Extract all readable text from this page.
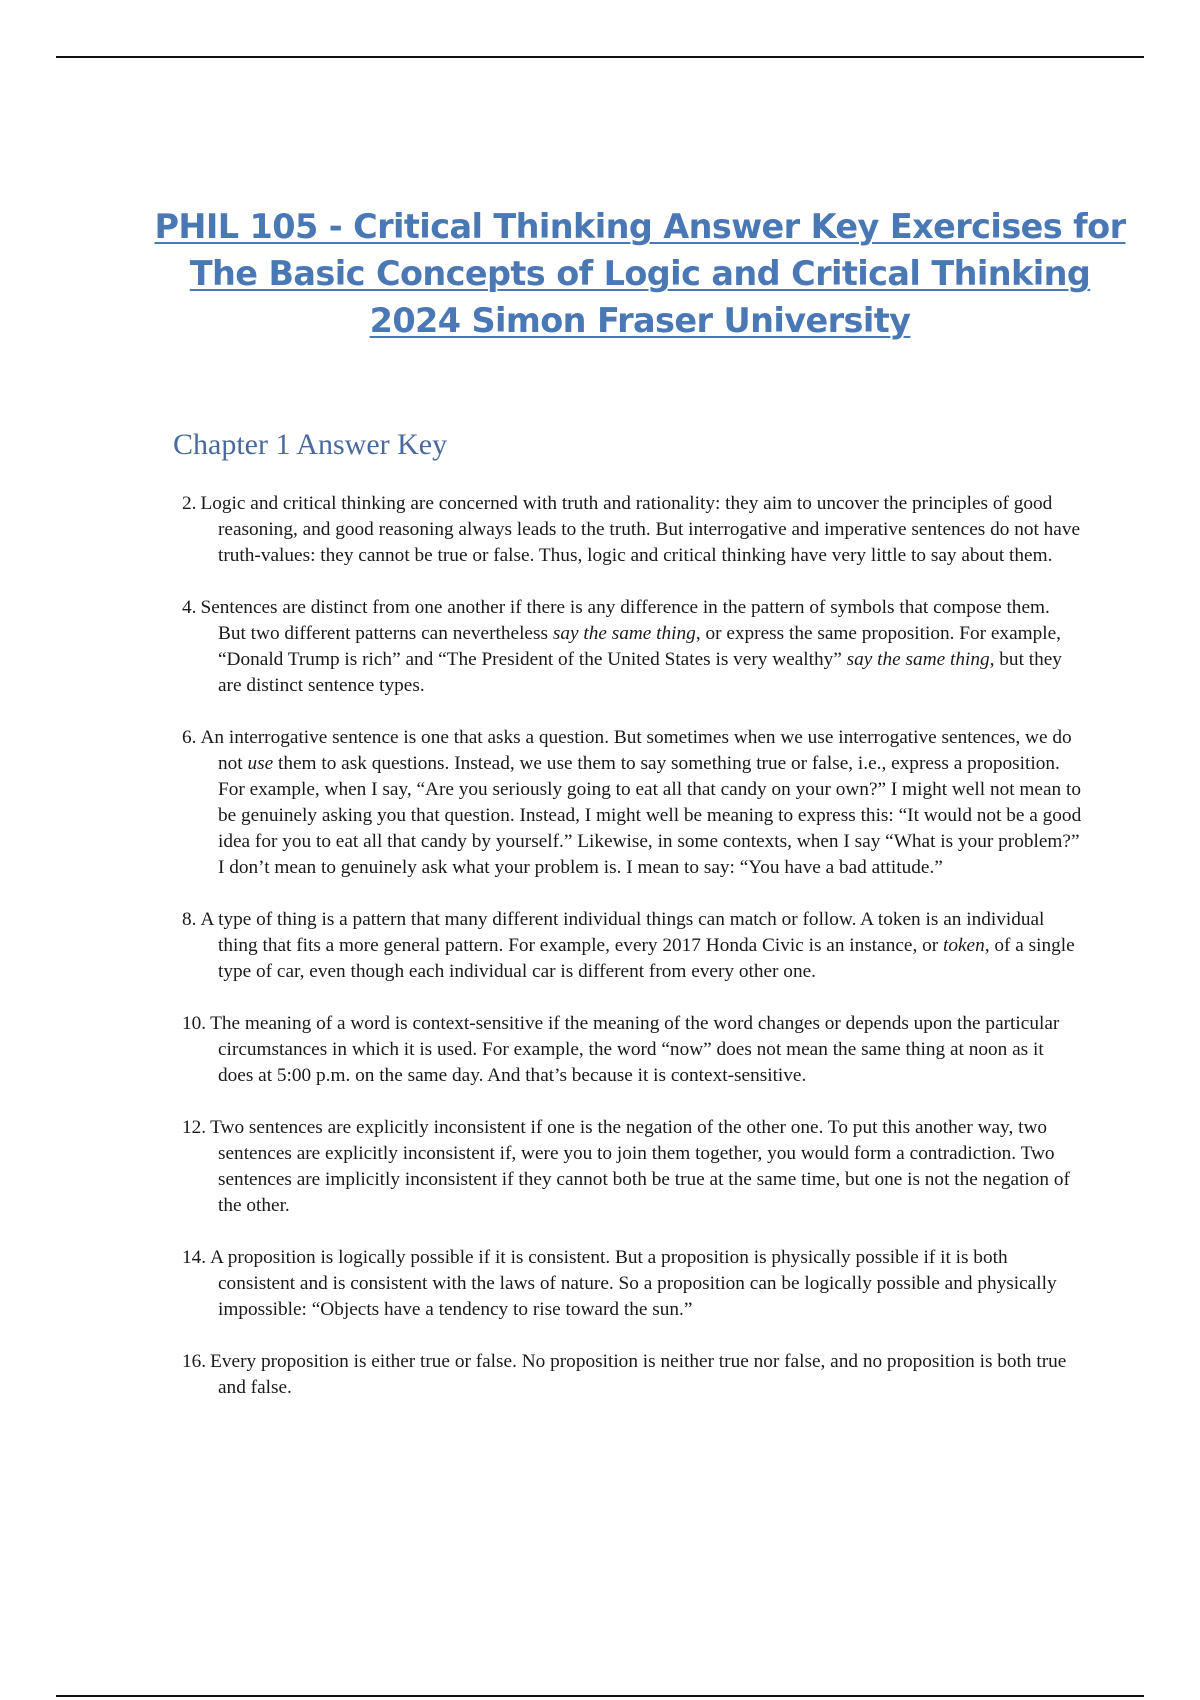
PHIL 105 - Critical Thinking Answer Key Exercises for The Basic Concepts of Logic and Critical Thinking 2024 Simon Fraser University
Chapter 1 Answer Key
2. Logic and critical thinking are concerned with truth and rationality: they aim to uncover the principles of good reasoning, and good reasoning always leads to the truth. But interrogative and imperative sentences do not have truth-values: they cannot be true or false. Thus, logic and critical thinking have very little to say about them.
4. Sentences are distinct from one another if there is any difference in the pattern of symbols that compose them. But two different patterns can nevertheless say the same thing, or express the same proposition. For example, “Donald Trump is rich” and “The President of the United States is very wealthy” say the same thing, but they are distinct sentence types.
6. An interrogative sentence is one that asks a question. But sometimes when we use interrogative sentences, we do not use them to ask questions. Instead, we use them to say something true or false, i.e., express a proposition. For example, when I say, “Are you seriously going to eat all that candy on your own?” I might well not mean to be genuinely asking you that question. Instead, I might well be meaning to express this: “It would not be a good idea for you to eat all that candy by yourself.” Likewise, in some contexts, when I say “What is your problem?” I don’t mean to genuinely ask what your problem is. I mean to say: “You have a bad attitude.”
8. A type of thing is a pattern that many different individual things can match or follow. A token is an individual thing that fits a more general pattern. For example, every 2017 Honda Civic is an instance, or token, of a single type of car, even though each individual car is different from every other one.
10. The meaning of a word is context-sensitive if the meaning of the word changes or depends upon the particular circumstances in which it is used. For example, the word “now” does not mean the same thing at noon as it does at 5:00 p.m. on the same day. And that’s because it is context-sensitive.
12. Two sentences are explicitly inconsistent if one is the negation of the other one. To put this another way, two sentences are explicitly inconsistent if, were you to join them together, you would form a contradiction. Two sentences are implicitly inconsistent if they cannot both be true at the same time, but one is not the negation of the other.
14. A proposition is logically possible if it is consistent. But a proposition is physically possible if it is both consistent and is consistent with the laws of nature. So a proposition can be logically possible and physically impossible: “Objects have a tendency to rise toward the sun.”
16. Every proposition is either true or false. No proposition is neither true nor false, and no proposition is both true and false.
